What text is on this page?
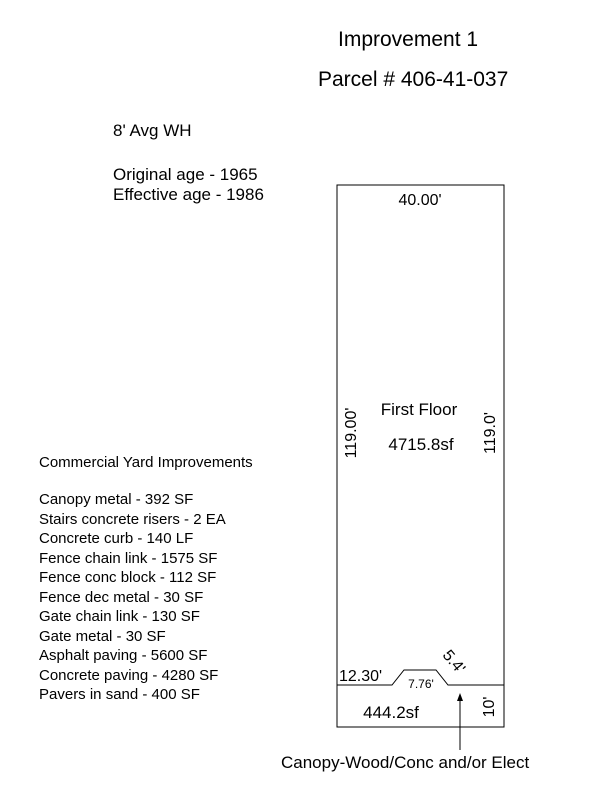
Improvement 1
Parcel # 406-41-037
8' Avg WH
Original age - 1965
Effective age - 1986
Commercial Yard Improvements
Canopy metal - 392 SF
Stairs concrete risers - 2 EA
Concrete curb - 140 LF
Fence chain link - 1575 SF
Fence conc block - 112 SF
Fence dec metal - 30 SF
Gate chain link - 130 SF
Gate metal - 30 SF
Asphalt paving - 5600 SF
Concrete paving - 4280 SF
Pavers in sand - 400 SF
40.00'
119.00'	119.0'
First Floor
4715.8sf
12.30' 7.76'
5.4'
10'
444.2sf
Canopy-Wood/Conc and/or Elect
